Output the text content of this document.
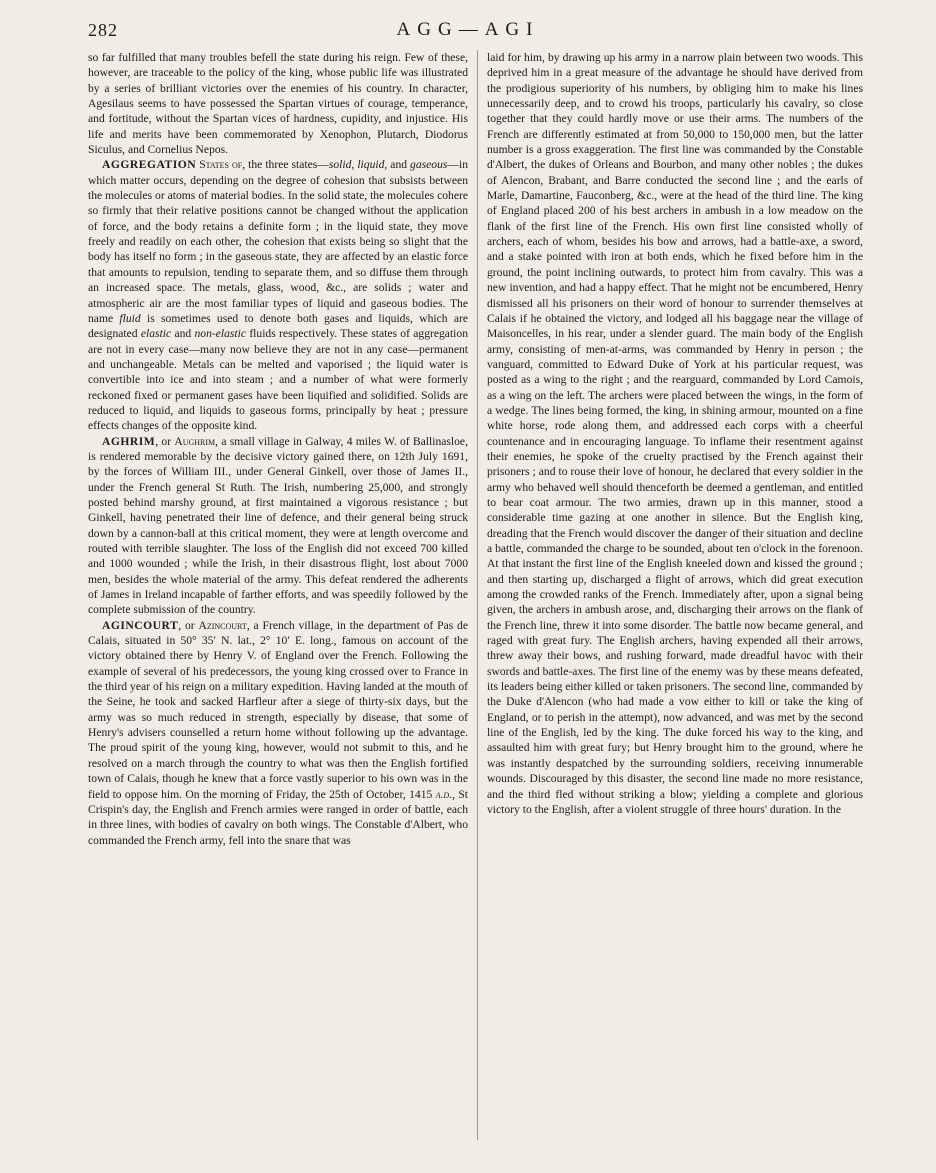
282	AGG—AGI

so far fulfilled that many troubles befell the state during his reign. Few of these, however, are traceable to the policy of the king, whose public life was illustrated by a series of brilliant victories over the enemies of his country. In character, Agesilaus seems to have possessed the Spartan virtues of courage, temperance, and fortitude, without the Spartan vices of hardness, cupidity, and injustice. His life and merits have been commemorated by Xenophon, Plutarch, Diodorus Siculus, and Cornelius Nepos.

AGGREGATION States of, the three states—solid, liquid, and gaseous—in which matter occurs, depending on the degree of cohesion that subsists between the molecules or atoms of material bodies. In the solid state, the molecules cohere so firmly that their relative positions cannot be changed without the application of force, and the body retains a definite form ; in the liquid state, they move freely and readily on each other, the cohesion that exists being so slight that the body has itself no form ; in the gaseous state, they are affected by an elastic force that amounts to repulsion, tending to separate them, and so diffuse them through an increased space. The metals, glass, wood, &c., are solids ; water and atmospheric air are the most familiar types of liquid and gaseous bodies. The name fluid is sometimes used to denote both gases and liquids, which are designated elastic and non-elastic fluids respectively. These states of aggregation are not in every case—many now believe they are not in any case—permanent and unchangeable. Metals can be melted and vaporised ; the liquid water is convertible into ice and into steam ; and a number of what were formerly reckoned fixed or permanent gases have been liquified and solidified. Solids are reduced to liquid, and liquids to gaseous forms, principally by heat ; pressure effects changes of the opposite kind.

AGHRIM, or Aughrim, a small village in Galway, 4 miles W. of Ballinasloe, is rendered memorable by the decisive victory gained there, on 12th July 1691, by the forces of William III., under General Ginkell, over those of James II., under the French general St Ruth. The Irish, numbering 25,000, and strongly posted behind marshy ground, at first maintained a vigorous resistance ; but Ginkell, having penetrated their line of defence, and their general being struck down by a cannon-ball at this critical moment, they were at length overcome and routed with terrible slaughter. The loss of the English did not exceed 700 killed and 1000 wounded ; while the Irish, in their disastrous flight, lost about 7000 men, besides the whole material of the army. This defeat rendered the adherents of James in Ireland incapable of farther efforts, and was speedily followed by the complete submission of the country.

AGINCOURT, or Azincourt, a French village, in the department of Pas de Calais, situated in 50° 35′ N. lat., 2° 10′ E. long., famous on account of the victory obtained there by Henry V. of England over the French. Following the example of several of his predecessors, the young king crossed over to France in the third year of his reign on a military expedition. Having landed at the mouth of the Seine, he took and sacked Harfleur after a siege of thirty-six days, but the army was so much reduced in strength, especially by disease, that some of Henry's advisers counselled a return home without following up the advantage. The proud spirit of the young king, however, would not submit to this, and he resolved on a march through the country to what was then the English fortified town of Calais, though he knew that a force vastly superior to his own was in the field to oppose him. On the morning of Friday, the 25th of October, 1415 a.d., St Crispin's day, the English and French armies were ranged in order of battle, each in three lines, with bodies of cavalry on both wings. The Constable d'Albert, who commanded the French army, fell into the snare that was

laid for him, by drawing up his army in a narrow plain between two woods. This deprived him in a great measure of the advantage he should have derived from the prodigious superiority of his numbers, by obliging him to make his lines unnecessarily deep, and to crowd his troops, particularly his cavalry, so close together that they could hardly move or use their arms. The numbers of the French are differently estimated at from 50,000 to 150,000 men, but the latter number is a gross exaggeration. The first line was commanded by the Constable d'Albert, the dukes of Orleans and Bourbon, and many other nobles ; the dukes of Alencon, Brabant, and Barre conducted the second line ; and the earls of Marle, Damartine, Fauconberg, &c., were at the head of the third line. The king of England placed 200 of his best archers in ambush in a low meadow on the flank of the first line of the French. His own first line consisted wholly of archers, each of whom, besides his bow and arrows, had a battle-axe, a sword, and a stake pointed with iron at both ends, which he fixed before him in the ground, the point inclining outwards, to protect him from cavalry. This was a new invention, and had a happy effect. That he might not be encumbered, Henry dismissed all his prisoners on their word of honour to surrender themselves at Calais if he obtained the victory, and lodged all his baggage near the village of Maisoncelles, in his rear, under a slender guard. The main body of the English army, consisting of men-at-arms, was commanded by Henry in person ; the vanguard, committed to Edward Duke of York at his particular request, was posted as a wing to the right ; and the rearguard, commanded by Lord Camois, as a wing on the left. The archers were placed between the wings, in the form of a wedge. The lines being formed, the king, in shining armour, mounted on a fine white horse, rode along them, and addressed each corps with a cheerful countenance and in encouraging language. To inflame their resentment against their enemies, he spoke of the cruelty practised by the French against their prisoners ; and to rouse their love of honour, he declared that every soldier in the army who behaved well should thenceforth be deemed a gentleman, and entitled to bear coat armour. The two armies, drawn up in this manner, stood a considerable time gazing at one another in silence. But the English king, dreading that the French would discover the danger of their situation and decline a battle, commanded the charge to be sounded, about ten o'clock in the forenoon. At that instant the first line of the English kneeled down and kissed the ground ; and then starting up, discharged a flight of arrows, which did great execution among the crowded ranks of the French. Immediately after, upon a signal being given, the archers in ambush arose, and, discharging their arrows on the flank of the French line, threw it into some disorder. The battle now became general, and raged with great fury. The English archers, having expended all their arrows, threw away their bows, and rushing forward, made dreadful havoc with their swords and battle-axes. The first line of the enemy was by these means defeated, its leaders being either killed or taken prisoners. The second line, commanded by the Duke d'Alencon (who had made a vow either to kill or take the king of England, or to perish in the attempt), now advanced, and was met by the second line of the English, led by the king. The duke forced his way to the king, and assaulted him with great fury; but Henry brought him to the ground, where he was instantly despatched by the surrounding soldiers, receiving innumerable wounds. Discouraged by this disaster, the second line made no more resistance, and the third fled without striking a blow; yielding a complete and glorious victory to the English, after a violent struggle of three hours' duration. In the
